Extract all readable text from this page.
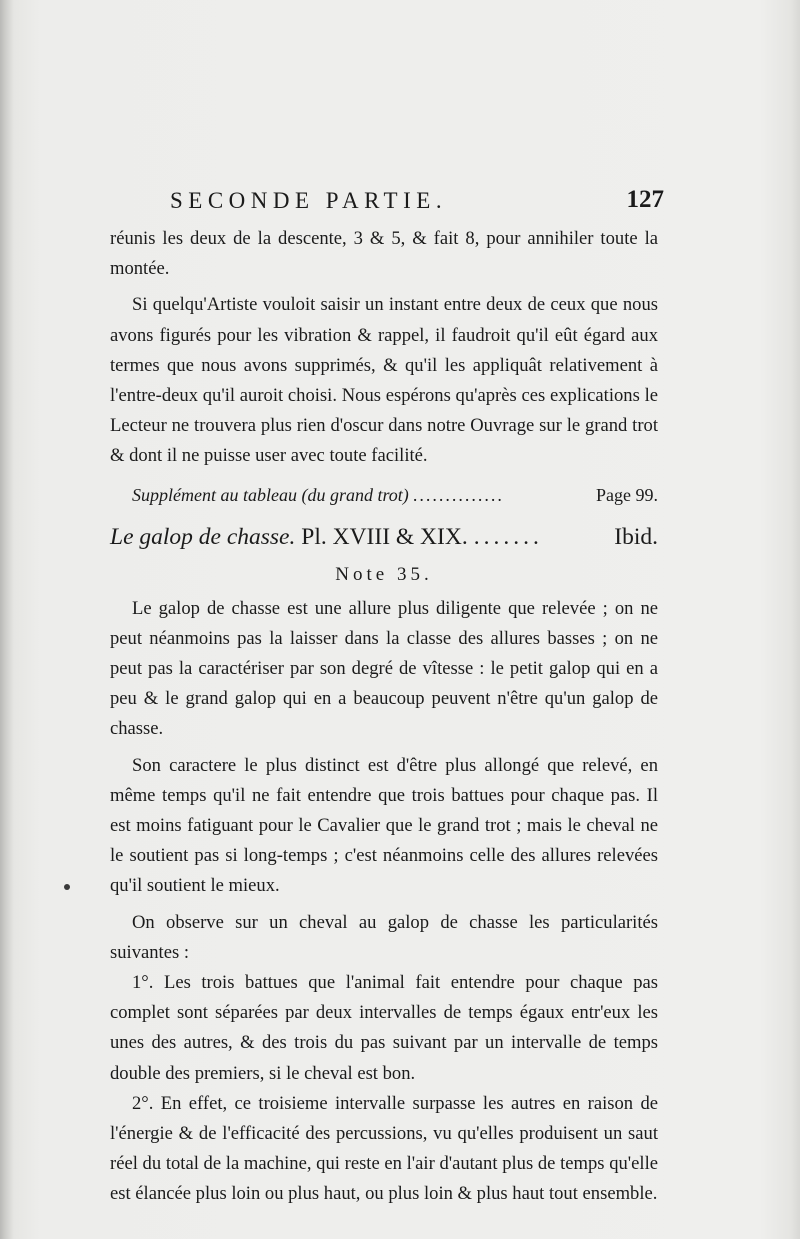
SECONDE PARTIE.	127

réunis les deux de la descente, 3 & 5, & fait 8, pour annihiler toute la montée.

Si quelqu'Artiste vouloit saisir un instant entre deux de ceux que nous avons figurés pour les vibration & rappel, il faudroit qu'il eût égard aux termes que nous avons supprimés, & qu'il les appliquât relativement à l'entre-deux qu'il auroit choisi. Nous espérons qu'après ces explications le Lecteur ne trouvera plus rien d'oscur dans notre Ouvrage sur le grand trot & dont il ne puisse user avec toute facilité.

Supplément au tableau (du grand trot) ..............	Page 99.
Le galop de chasse. Pl. XVIII & XIX. .......	Ibid.
Note 35.

Le galop de chasse est une allure plus diligente que relevée ; on ne peut néanmoins pas la laisser dans la classe des allures basses ; on ne peut pas la caractériser par son degré de vîtesse : le petit galop qui en a peu & le grand galop qui en a beaucoup peuvent n'être qu'un galop de chasse.

Son caractere le plus distinct est d'être plus allongé que relevé, en même temps qu'il ne fait entendre que trois battues pour chaque pas. Il est moins fatiguant pour le Cavalier que le grand trot ; mais le cheval ne le soutient pas si long-temps ; c'est néanmoins celle des allures relevées qu'il soutient le mieux.

On observe sur un cheval au galop de chasse les particularités suivantes :

1°. Les trois battues que l'animal fait entendre pour chaque pas complet sont séparées par deux intervalles de temps égaux entr'eux les unes des autres, & des trois du pas suivant par un intervalle de temps double des premiers, si le cheval est bon.

2°. En effet, ce troisieme intervalle surpasse les autres en raison de l'énergie & de l'efficacité des percussions, vu qu'elles produisent un saut réel du total de la machine, qui reste en l'air d'autant plus de temps qu'elle est élancée plus loin ou plus haut, ou plus loin & plus haut tout ensemble.
